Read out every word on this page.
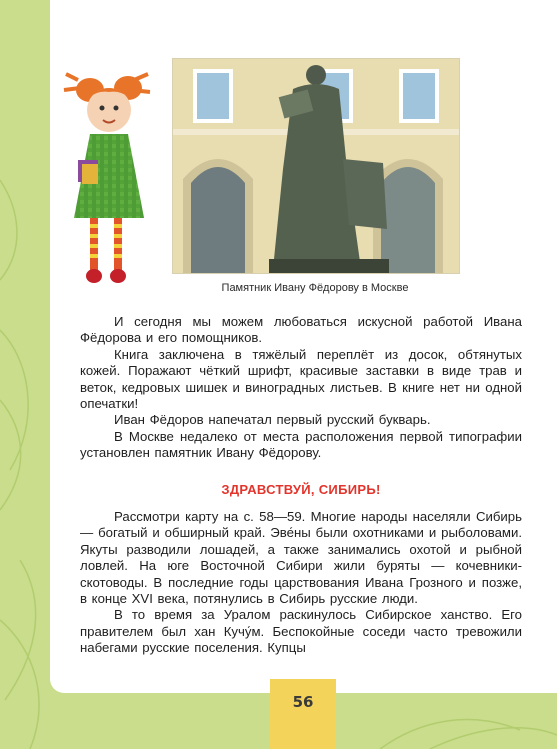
Памятник Ивану Фёдорову в Москве

И сегодня мы можем любоваться искусной работой Ивана Фёдорова и его помощников.

Книга заключена в тяжёлый переплёт из досок, обтянутых кожей. Поражают чёткий шрифт, красивые заставки в виде трав и веток, кедровых шишек и виноградных листьев. В книге нет ни одной опечатки!

Иван Фёдоров напечатал первый русский букварь.

В Москве недалеко от места расположения первой типографии установлен памятник Ивану Фёдорову.

ЗДРАВСТВУЙ, СИБИРЬ!

Рассмотри карту на с. 58—59. Многие народы населяли Сибирь — богатый и обширный край. Эве́ны были охотниками и рыболовами. Якуты разводили лошадей, а также занимались охотой и рыбной ловлей. На юге Восточной Сибири жили буряты — кочевники-скотоводы. В последние годы царствования Ивана Грозного и позже, в конце XVI века, потянулись в Сибирь русские люди.

В то время за Уралом раскинулось Сибирское ханство. Его правителем был хан Кучу́м. Беспокойные соседи часто тревожили набегами русские поселения. Купцы

56
